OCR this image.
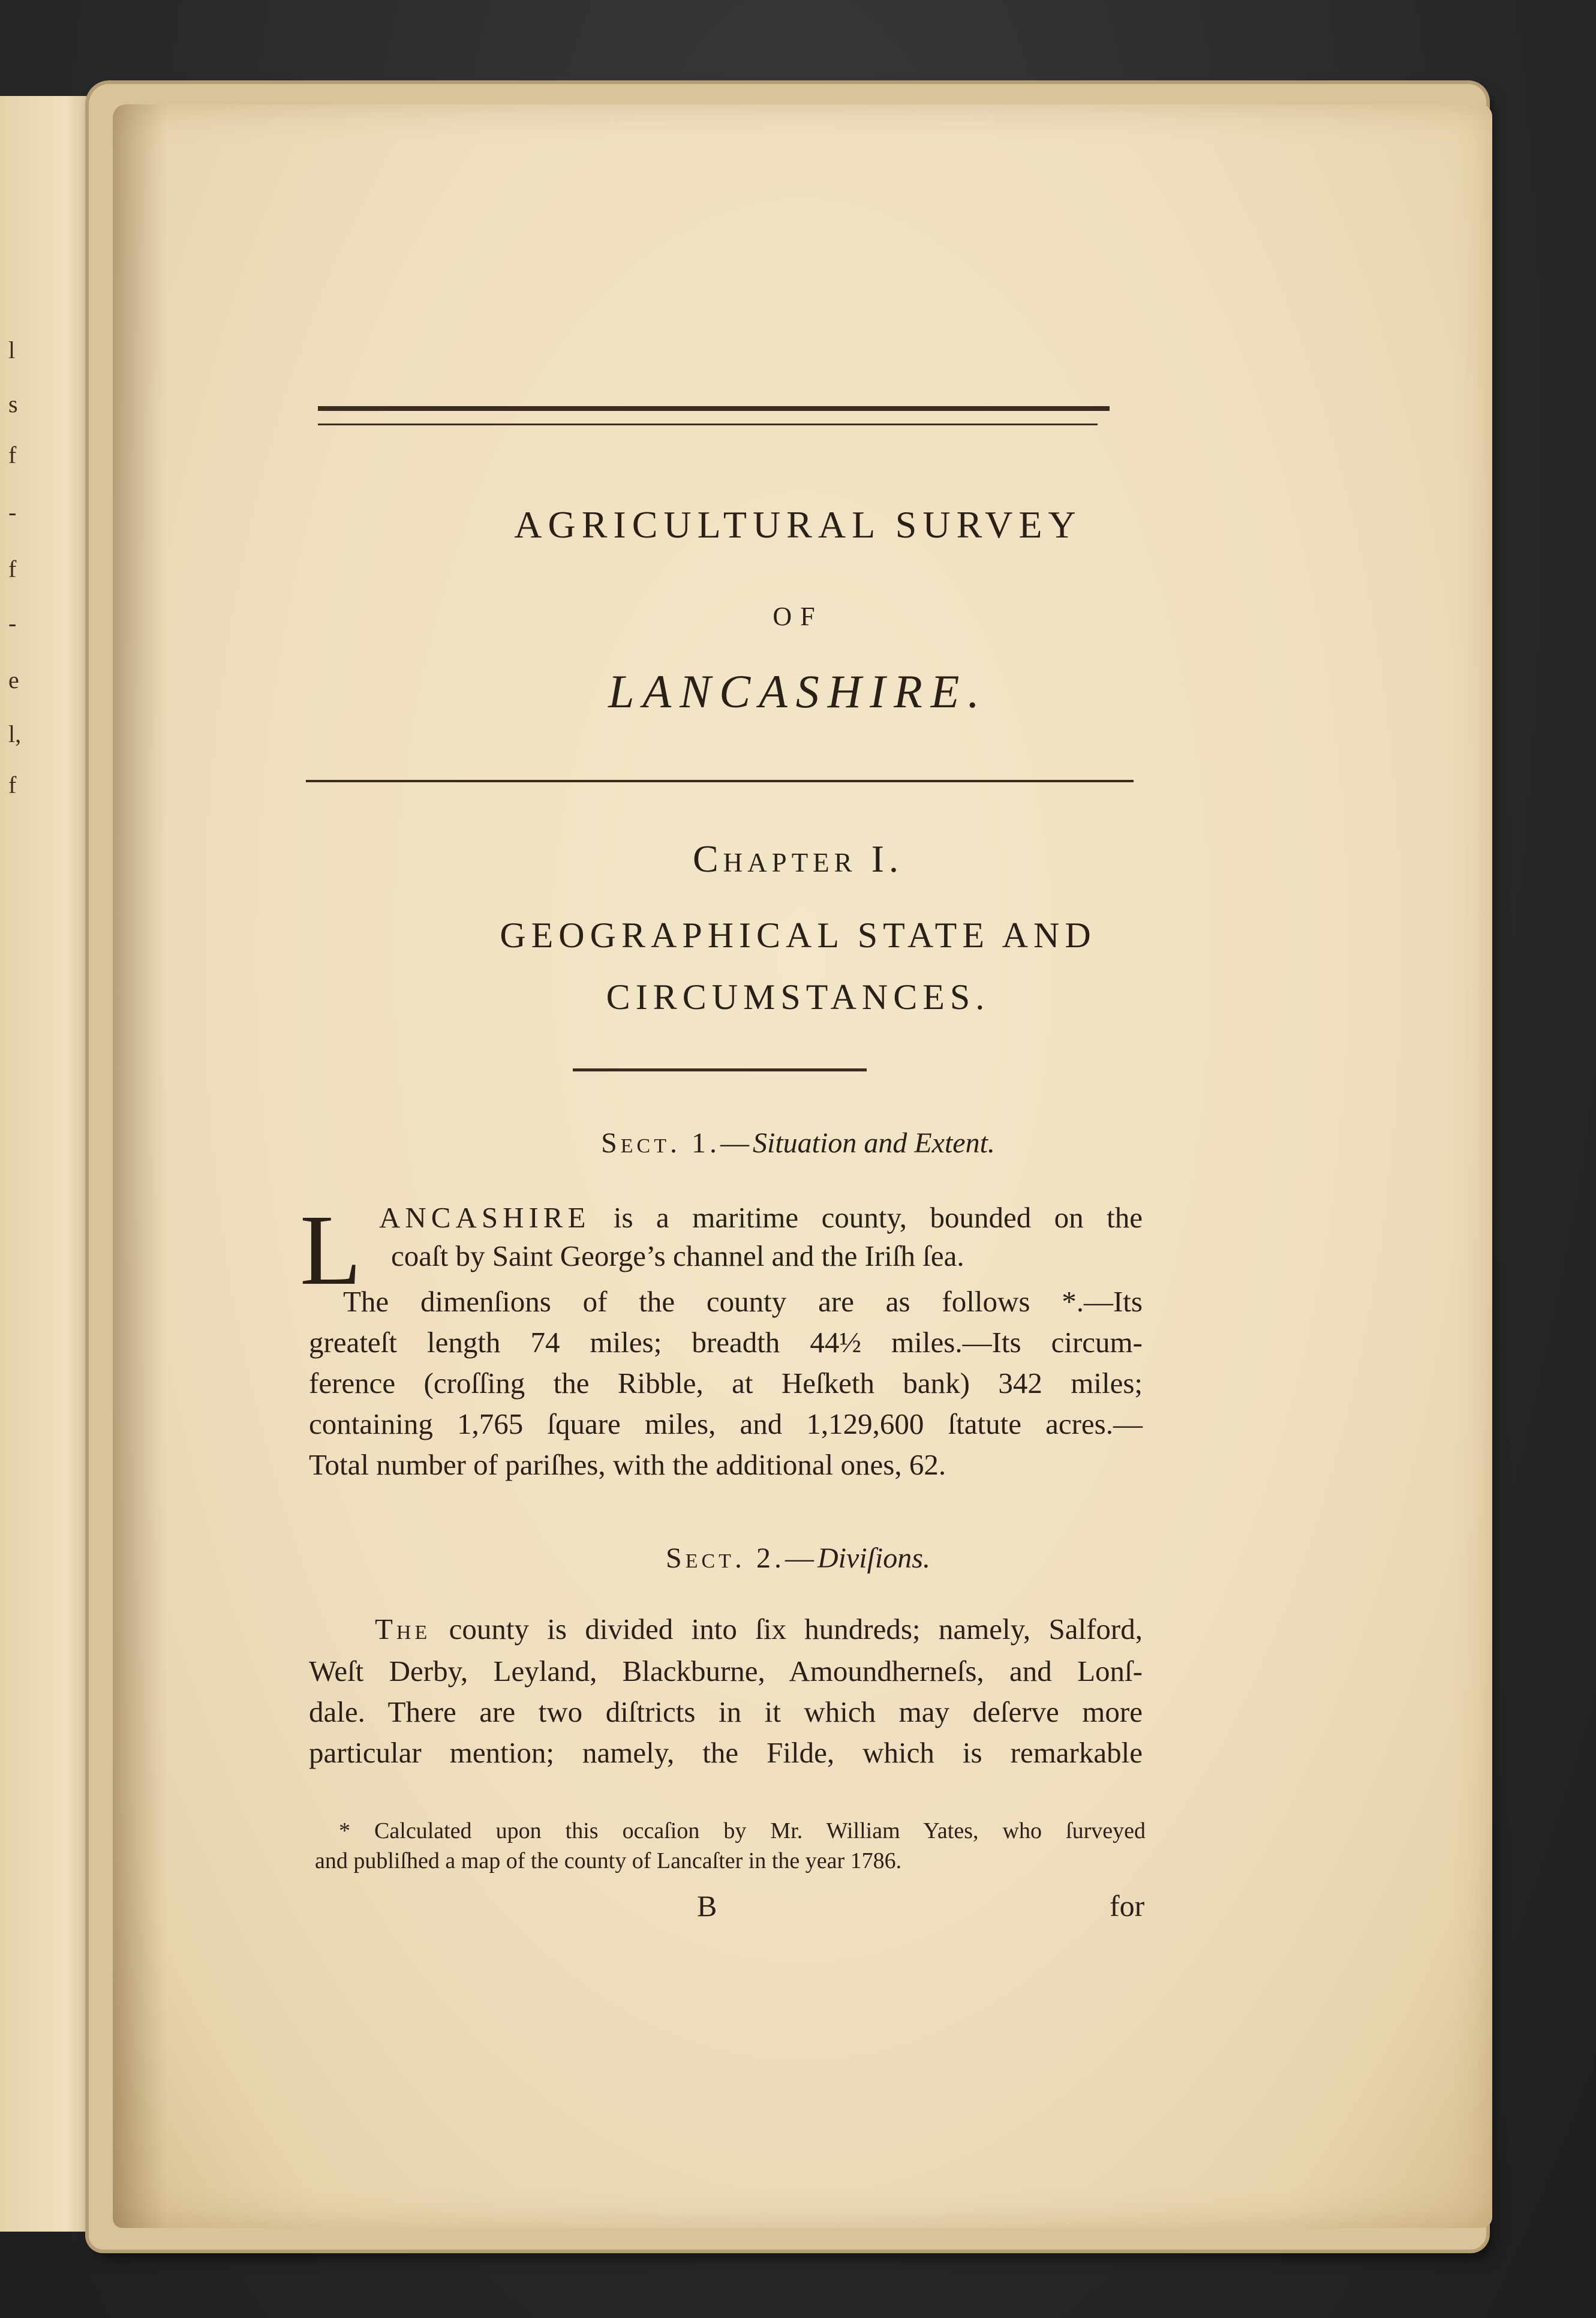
l
s
f
-
f
-
e
l,
f
AGRICULTURAL SURVEY
OF
LANCASHIRE.
Chapter I.
GEOGRAPHICAL STATE AND
CIRCUMSTANCES.
Sect. 1.—Situation and Extent.
L ANCASHIRE is a maritime county, bounded on the
coaſt by Saint George’s channel and the Iriſh ſea.
The dimenſions of the county are as follows *.—Its
greateſt length 74 miles; breadth 44½ miles.—Its circum-
ference (croſſing the Ribble, at Heſketh bank) 342 miles;
containing 1,765 ſquare miles, and 1,129,600 ſtatute acres.—
Total number of pariſhes, with the additional ones, 62.
Sect. 2.—Diviſions.
The county is divided into ſix hundreds; namely, Salford,
Weſt Derby, Leyland, Blackburne, Amoundherneſs, and Lonſ-
dale. There are two diſtricts in it which may deſerve more
particular mention; namely, the Filde, which is remarkable
* Calculated upon this occaſion by Mr. William Yates, who ſurveyed
and publiſhed a map of the county of Lancaſter in the year 1786.
B	for
